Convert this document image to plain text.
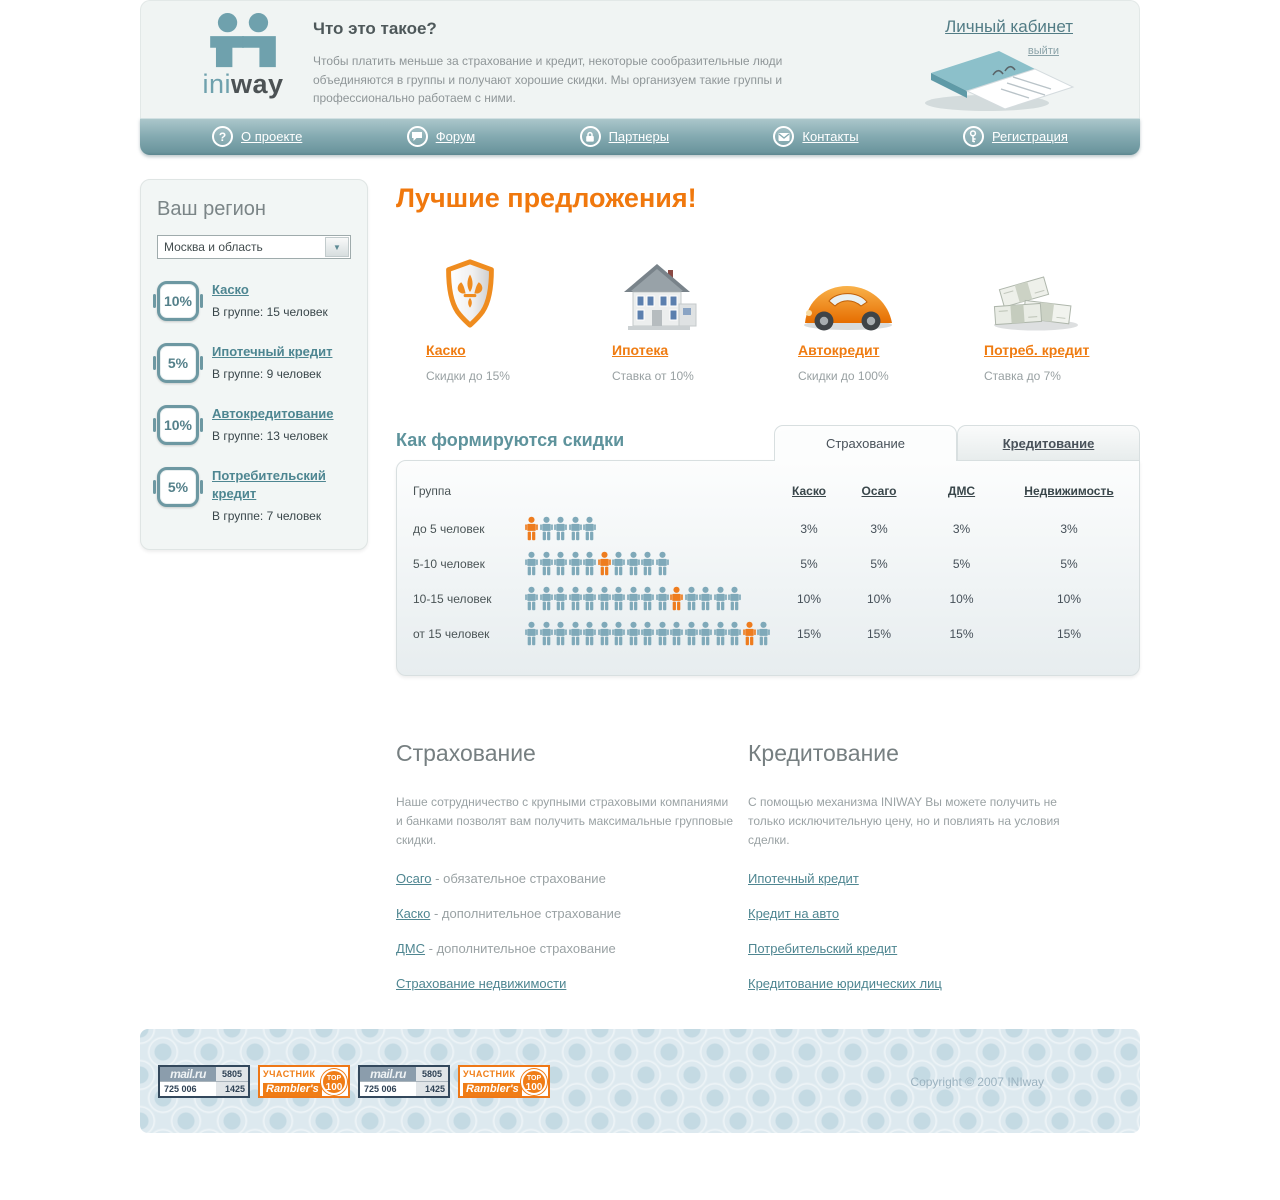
iniway
Что это такое?

Чтобы платить меньше за страхование и кредит, некоторые сообразительные люди объединяются в группы и получают хорошие скидки. Мы организуем такие группы и профессионально работаем с ними.

Личный кабинет
выйти
?	О проекте	Форум	Партнеры	Контакты	Регистрация
Ваш регион
Москва и область	▼
10%
Каско
В группе: 15 человек
5%
Ипотечный кредит
В группе: 9 человек
10%
Автокредитование
В группе: 13 человек
5%
Потребительский кредит
В группе: 7 человек
Лучшие предложения!
Каско
Скидки до 15%
Ипотека
Ставка от 10%
Автокредит
Скидки до 100%
Потреб. кредит
Ставка до 7%
Как формируются скидки	Страхование	Кредитование
Группа	Каско	Осаго	ДМС	Недвижимость
до 5 человек	3%	3%	3%	3%
5-10 человек	5%	5%	5%	5%
10-15 человек	10%	10%	10%	10%
от 15 человек	15%	15%	15%	15%
Страхование

Наше сотрудничество с крупными страховыми компаниями и банками позволят вам получить максимальные групповые скидки.

Осаго - обязательное страхование
Каско - дополнительное страхование
ДМС - дополнительное страхование
Страхование недвижимости
Кредитование

С помощью механизма INIWAY Вы можете получить не только исключительную цену, но и повлиять на условия сделки.

Ипотечный кредит
Кредит на авто
Потребительский кредит
Кредитование юридических лиц
mail.ru	5805
725 006	1425
УЧАСТНИК
Rambler's
TOP
100
mail.ru	5805
725 006	1425
УЧАСТНИК
Rambler's
TOP
100	Copyright © 2007 INIway
